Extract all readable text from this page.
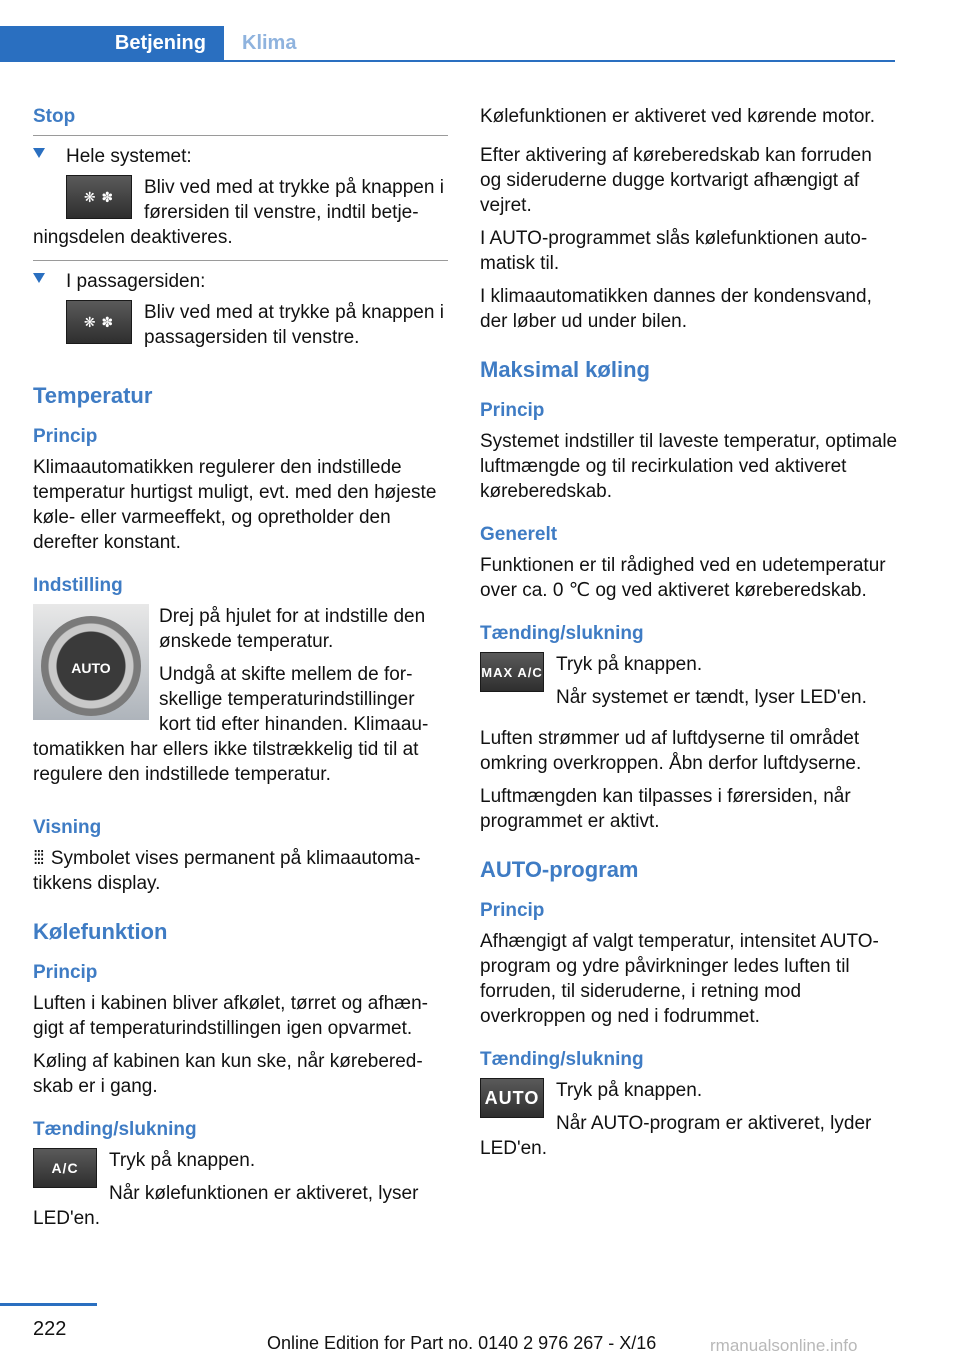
Betjening	Klima
Stop

Hele systemet:

❋ ✽	Bliv ved med at trykke på knappen i førersiden til venstre, indtil betje-

ningsdelen deaktiveres.

I passagersiden:

❋ ✽	Bliv ved med at trykke på knappen i passagersiden til venstre.

Temperatur
Princip

Klimaautomatikken regulerer den indstillede temperatur hurtigst muligt, evt. med den højeste køle- eller varmeeffekt, og opretholder den derefter konstant.

Indstilling
AUTO

Drej på hjulet for at indstille den ønskede temperatur.

Undgå at skifte mellem de forskellige temperaturindstillinger kort tid efter hinanden. Klimaau-

tomatikken har ellers ikke tilstrækkelig tid til at regulere den indstillede temperatur.

Visning

⁞⁞⁞ Symbolet vises permanent på klimaautomatikkens display.

Kølefunktion
Princip

Luften i kabinen bliver afkølet, tørret og afhængigt af temperaturindstillingen igen opvarmet.

Køling af kabinen kan kun ske, når køreberedskab er i gang.

Tænding/slukning
A/C	Tryk på knappen.

Når kølefunktionen er aktiveret, lyser

LED'en.

Kølefunktionen er aktiveret ved kørende motor.

Efter aktivering af køreberedskab kan forruden og sideruderne dugge kortvarigt afhængigt af vejret.

I AUTO-programmet slås kølefunktionen automatisk til.

I klimaautomatikken dannes der kondensvand, der løber ud under bilen.

Maksimal køling
Princip

Systemet indstiller til laveste temperatur, optimale luftmængde og til recirkulation ved aktiveret køreberedskab.

Generelt

Funktionen er til rådighed ved en udetemperatur over ca. 0 ℃ og ved aktiveret køreberedskab.

Tænding/slukning
MAX A/C Tryk på knappen.

Når systemet er tændt, lyser LED'en.

Luften strømmer ud af luftdyserne til området omkring overkroppen. Åbn derfor luftdyserne.

Luftmængden kan tilpasses i førersiden, når programmet er aktivt.

AUTO-program
Princip

Afhængigt af valgt temperatur, intensitet AUTO-program og ydre påvirkninger ledes luften til forruden, til sideruderne, i retning mod overkroppen og ned i fodrummet.

Tænding/slukning
AUTO Tryk på knappen.

Når AUTO-program er aktiveret, lyder

LED'en.

222
Online Edition for Part no. 0140 2 976 267 - X/16	rmanualsonline.info
